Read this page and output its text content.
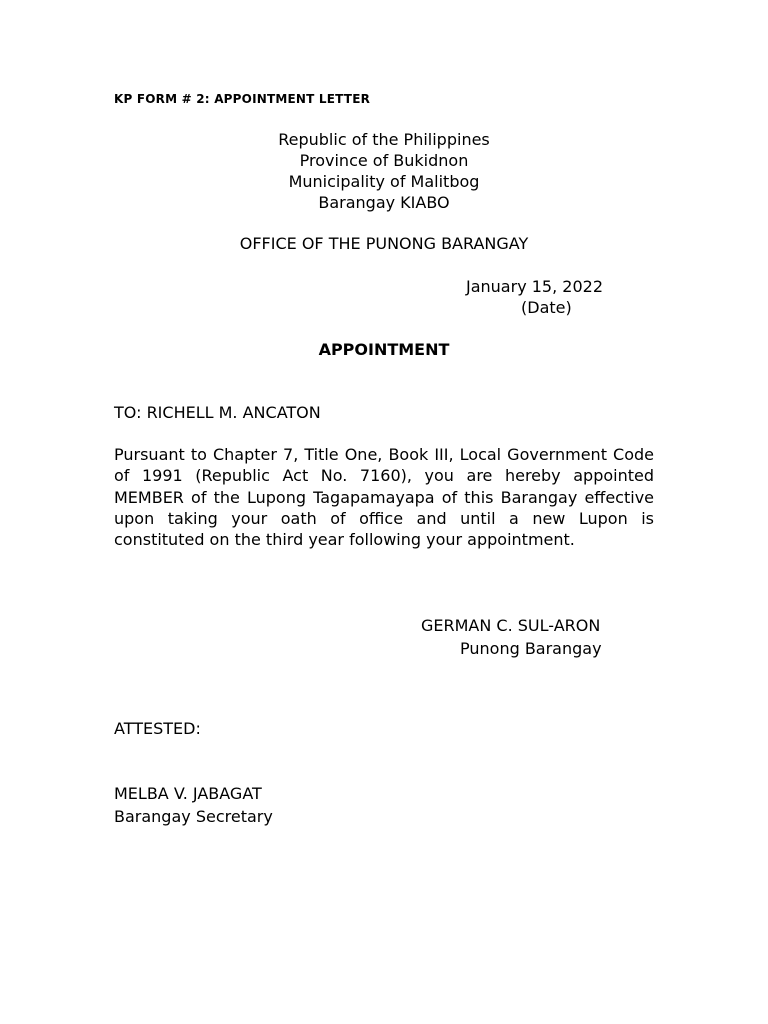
KP FORM # 2: APPOINTMENT LETTER
Republic of the Philippines
Province of Bukidnon
Municipality of Malitbog
Barangay KIABO
OFFICE OF THE PUNONG BARANGAY
January 15, 2022
(Date)
APPOINTMENT
TO: RICHELL M. ANCATON

Pursuant to Chapter 7, Title One, Book III, Local Government Code of 1991 (Republic Act No. 7160), you are hereby appointed MEMBER of the Lupong Tagapamayapa of this Barangay effective upon taking your oath of office and until a new Lupon is constituted on the third year following your appointment.

GERMAN C. SUL-ARON
Punong Barangay
ATTESTED:
MELBA V. JABAGAT
Barangay Secretary
